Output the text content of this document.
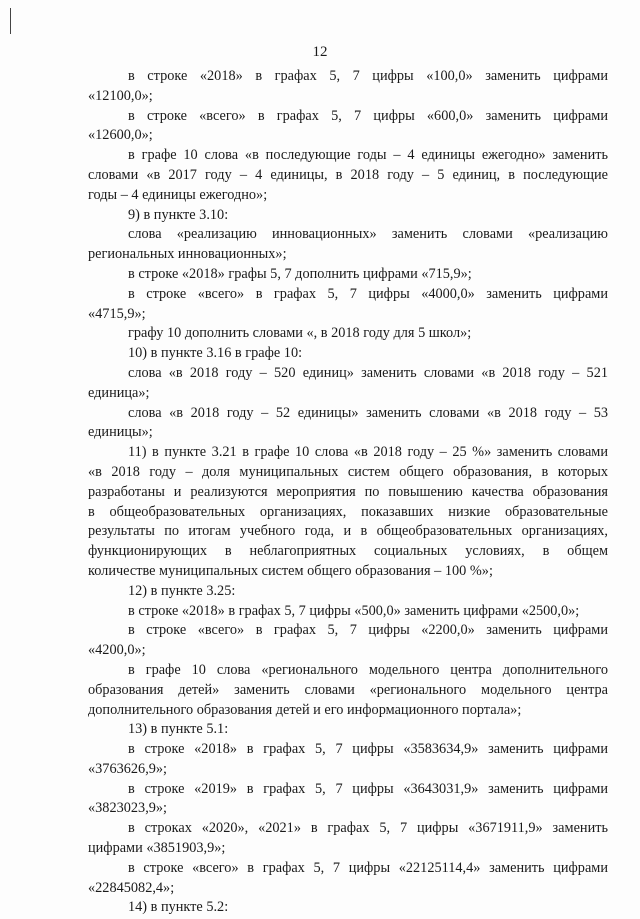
12
в строке «2018» в графах 5, 7 цифры «100,0» заменить цифрами
«12100,0»;
в строке «всего» в графах 5, 7 цифры «600,0» заменить цифрами
«12600,0»;
в графе 10 слова «в последующие годы – 4 единицы ежегодно» заменить
словами «в 2017 году – 4 единицы, в 2018 году – 5 единиц, в последующие
годы – 4 единицы ежегодно»;
9) в пункте 3.10:
слова «реализацию инновационных» заменить словами «реализацию
региональных инновационных»;
в строке «2018» графы 5, 7 дополнить цифрами «715,9»;
в строке «всего» в графах 5, 7 цифры «4000,0» заменить цифрами
«4715,9»;
графу 10 дополнить словами «, в 2018 году для 5 школ»;
10) в пункте 3.16 в графе 10:
слова «в 2018 году – 520 единиц» заменить словами «в 2018 году – 521
единица»;
слова «в 2018 году – 52 единицы» заменить словами «в 2018 году – 53
единицы»;
11) в пункте 3.21 в графе 10 слова «в 2018 году – 25 %» заменить словами
«в 2018 году – доля муниципальных систем общего образования, в которых
разработаны и реализуются мероприятия по повышению качества образования
в общеобразовательных организациях, показавших низкие образовательные
результаты по итогам учебного года, и в общеобразовательных организациях,
функционирующих в неблагоприятных социальных условиях, в общем
количестве муниципальных систем общего образования – 100 %»;
12) в пункте 3.25:
в строке «2018» в графах 5, 7 цифры «500,0» заменить цифрами «2500,0»;
в строке «всего» в графах 5, 7 цифры «2200,0» заменить цифрами
«4200,0»;
в графе 10 слова «регионального модельного центра дополнительного
образования детей» заменить словами «регионального модельного центра
дополнительного образования детей и его информационного портала»;
13) в пункте 5.1:
в строке «2018» в графах 5, 7 цифры «3583634,9» заменить цифрами
«3763626,9»;
в строке «2019» в графах 5, 7 цифры «3643031,9» заменить цифрами
«3823023,9»;
в строках «2020», «2021» в графах 5, 7 цифры «3671911,9» заменить
цифрами «3851903,9»;
в строке «всего» в графах 5, 7 цифры «22125114,4» заменить цифрами
«22845082,4»;
14) в пункте 5.2:
